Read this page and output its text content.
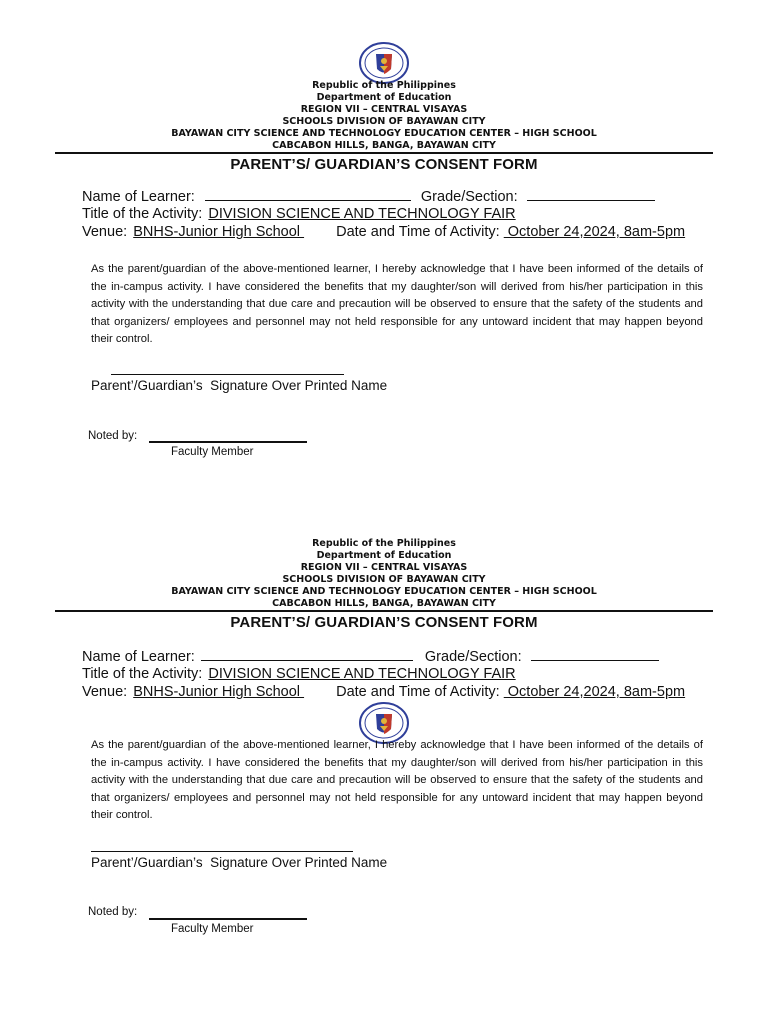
Republic of the Philippines
Department of Education
REGION VII – CENTRAL VISAYAS
SCHOOLS DIVISION OF BAYAWAN CITY
BAYAWAN CITY SCIENCE AND TECHNOLOGY EDUCATION CENTER – HIGH SCHOOL
CABCABON HILLS, BANGA, BAYAWAN CITY
PARENT’S/ GUARDIAN’S CONSENT FORM
Name of Learner:	Grade/Section:
Title of the Activity: DIVISION SCIENCE AND TECHNOLOGY FAIR
Venue: BNHS-Junior High School  Date and Time of Activity:  October 24,2024, 8am-5pm
As the parent/guardian of the above-mentioned learner, I hereby acknowledge that I have been informed of the details of the in-campus activity. I have considered the benefits that my daughter/son will derived from his/her participation in this activity with the understanding that due care and precaution will be observed to ensure that the safety of the students and that organizers/ employees and personnel may not held responsible for any untoward incident that may happen beyond their control.
Parent’/Guardian’s  Signature Over Printed Name
Noted by:
Faculty Member
Republic of the Philippines
Department of Education
REGION VII – CENTRAL VISAYAS
SCHOOLS DIVISION OF BAYAWAN CITY
BAYAWAN CITY SCIENCE AND TECHNOLOGY EDUCATION CENTER – HIGH SCHOOL
CABCABON HILLS, BANGA, BAYAWAN CITY
PARENT’S/ GUARDIAN’S CONSENT FORM
Name of Learner:	Grade/Section:
Title of the Activity: DIVISION SCIENCE AND TECHNOLOGY FAIR
Venue: BNHS-Junior High School  Date and Time of Activity:  October 24,2024, 8am-5pm
As the parent/guardian of the above-mentioned learner, I hereby acknowledge that I have been informed of the details of the in-campus activity. I have considered the benefits that my daughter/son will derived from his/her participation in this activity with the understanding that due care and precaution will be observed to ensure that the safety of the students and that organizers/ employees and personnel may not held responsible for any untoward incident that may happen beyond their control.
Parent’/Guardian’s  Signature Over Printed Name
Noted by:
Faculty Member
